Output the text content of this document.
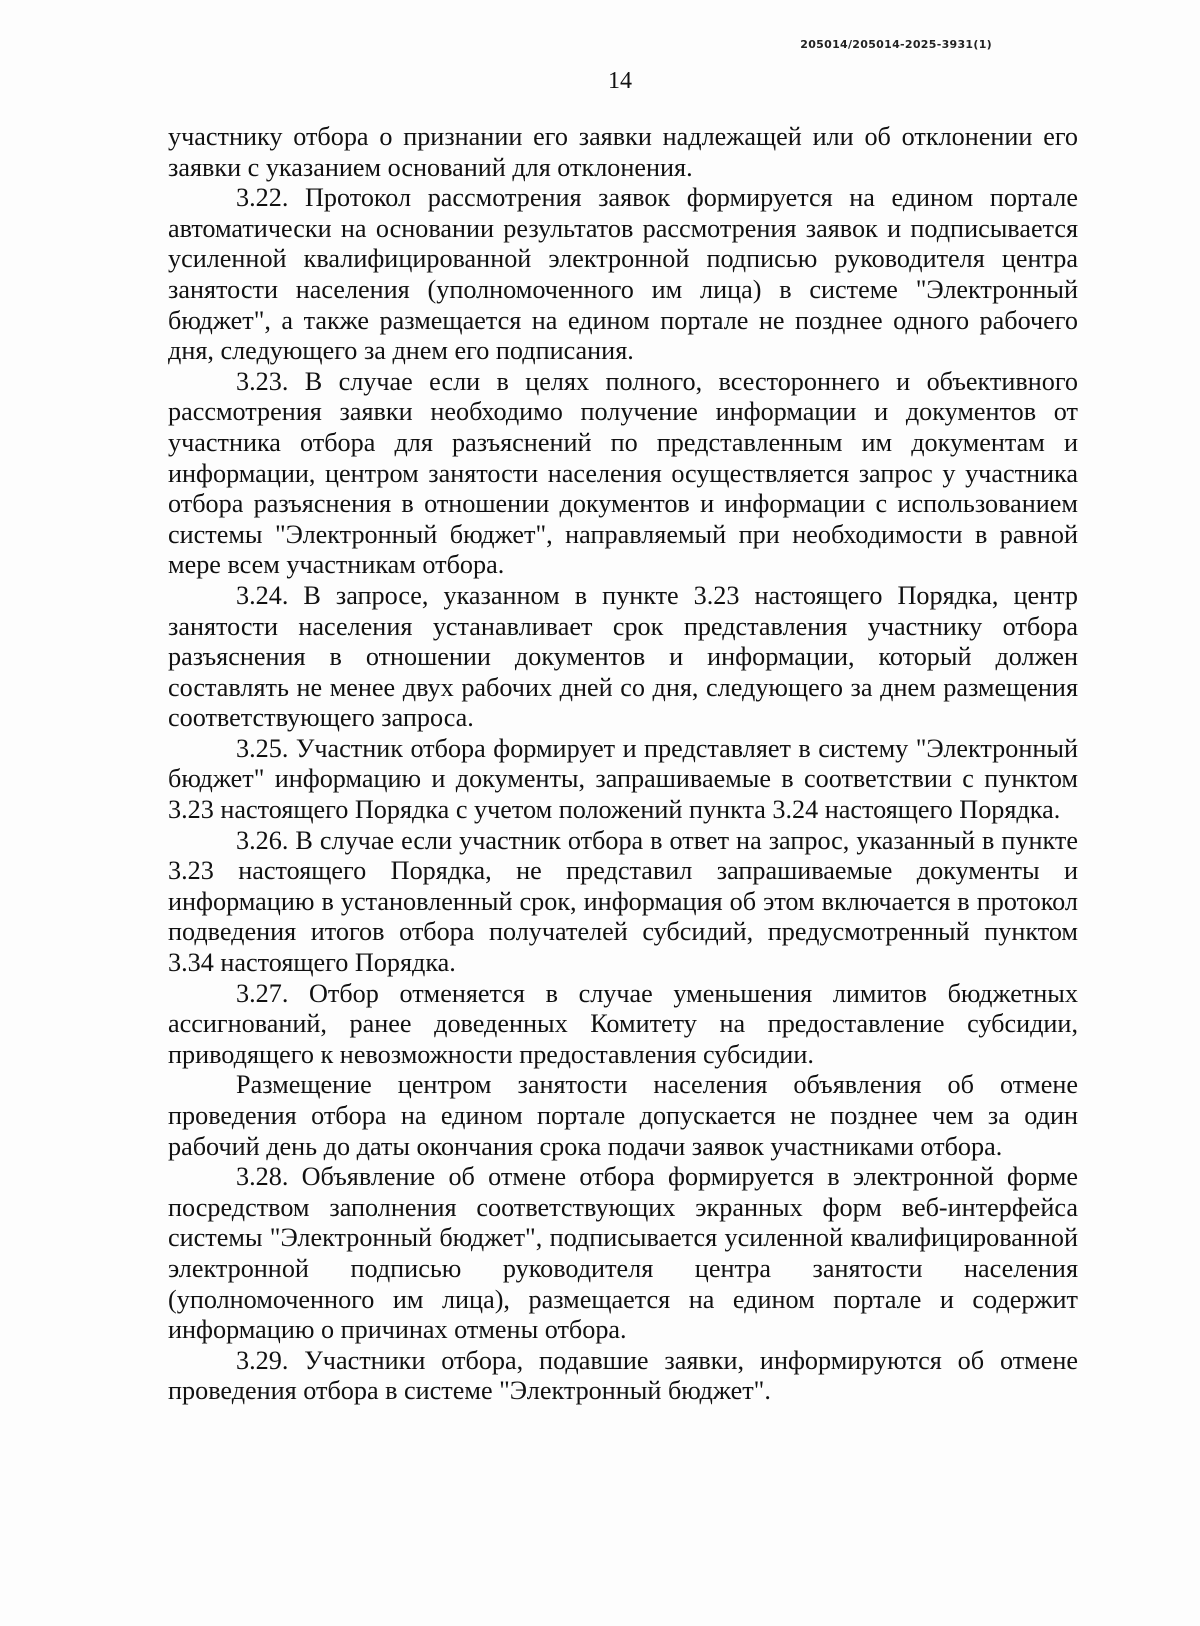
205014/205014-2025-3931(1)
14

участнику отбора о признании его заявки надлежащей или об отклонении его заявки с указанием оснований для отклонения.

3.22. Протокол рассмотрения заявок формируется на едином портале автоматически на основании результатов рассмотрения заявок и подписывается усиленной квалифицированной электронной подписью руководителя центра занятости населения (уполномоченного им лица) в системе "Электронный бюджет", а также размещается на едином портале не позднее одного рабочего дня, следующего за днем его подписания.

3.23. В случае если в целях полного, всестороннего и объективного рассмотрения заявки необходимо получение информации и документов от участника отбора для разъяснений по представленным им документам и информации, центром занятости населения осуществляется запрос у участника отбора разъяснения в отношении документов и информации с использованием системы "Электронный бюджет", направляемый при необходимости в равной мере всем участникам отбора.

3.24. В запросе, указанном в пункте 3.23 настоящего Порядка, центр занятости населения устанавливает срок представления участнику отбора разъяснения в отношении документов и информации, который должен составлять не менее двух рабочих дней со дня, следующего за днем размещения соответствующего запроса.

3.25. Участник отбора формирует и представляет в систему "Электронный бюджет" информацию и документы, запрашиваемые в соответствии с пунктом 3.23 настоящего Порядка с учетом положений пункта 3.24 настоящего Порядка.

3.26. В случае если участник отбора в ответ на запрос, указанный в пункте 3.23 настоящего Порядка, не представил запрашиваемые документы и информацию в установленный срок, информация об этом включается в протокол подведения итогов отбора получателей субсидий, предусмотренный пунктом 3.34 настоящего Порядка.

3.27. Отбор отменяется в случае уменьшения лимитов бюджетных ассигнований, ранее доведенных Комитету на предоставление субсидии, приводящего к невозможности предоставления субсидии.

Размещение центром занятости населения объявления об отмене проведения отбора на едином портале допускается не позднее чем за один рабочий день до даты окончания срока подачи заявок участниками отбора.

3.28. Объявление об отмене отбора формируется в электронной форме посредством заполнения соответствующих экранных форм веб-интерфейса системы "Электронный бюджет", подписывается усиленной квалифицированной электронной подписью руководителя центра занятости населения (уполномоченного им лица), размещается на едином портале и содержит информацию о причинах отмены отбора.

3.29. Участники отбора, подавшие заявки, информируются об отмене проведения отбора в системе "Электронный бюджет".
